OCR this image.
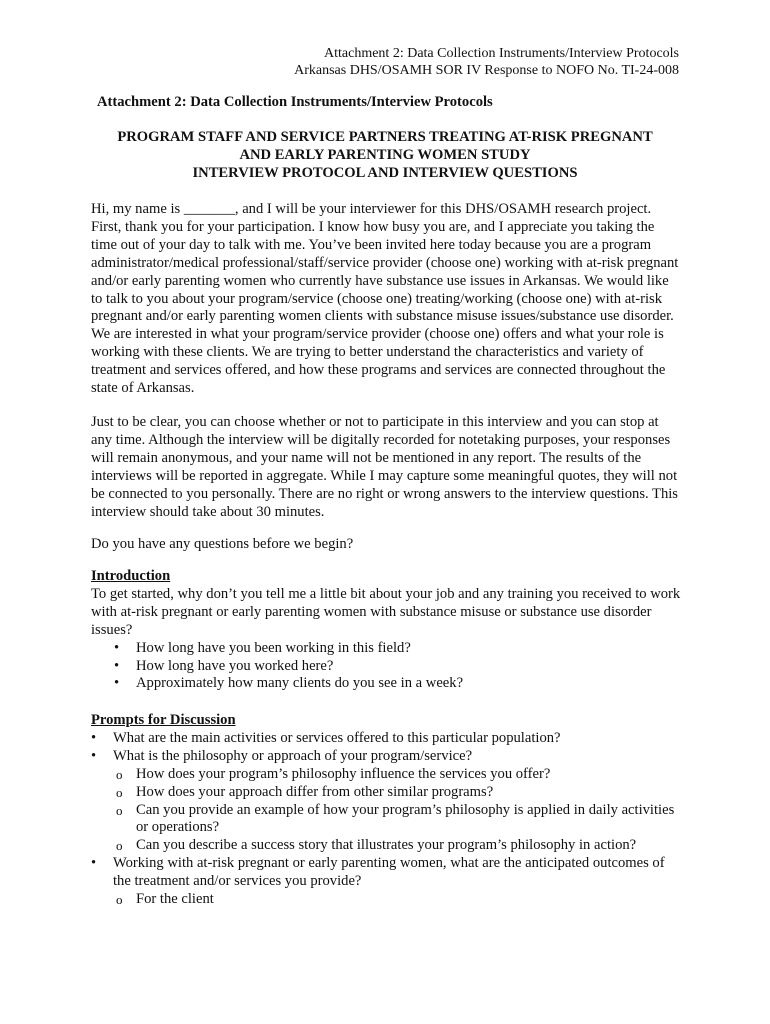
Attachment 2: Data Collection Instruments/Interview Protocols
Arkansas DHS/OSAMH SOR IV Response to NOFO No. TI-24-008
Attachment 2: Data Collection Instruments/Interview Protocols
PROGRAM STAFF AND SERVICE PARTNERS TREATING AT-RISK PREGNANT
AND EARLY PARENTING WOMEN STUDY
INTERVIEW PROTOCOL AND INTERVIEW QUESTIONS

Hi, my name is _______, and I will be your interviewer for this DHS/OSAMH research project. First, thank you for your participation. I know how busy you are, and I appreciate you taking the time out of your day to talk with me. You’ve been invited here today because you are a program administrator/medical professional/staff/service provider (choose one) working with at-risk pregnant and/or early parenting women who currently have substance use issues in Arkansas. We would like to talk to you about your program/service (choose one) treating/working (choose one) with at-risk pregnant and/or early parenting women clients with substance misuse issues/substance use disorder. We are interested in what your program/service provider (choose one) offers and what your role is working with these clients. We are trying to better understand the characteristics and variety of treatment and services offered, and how these programs and services are connected throughout the state of Arkansas.

Just to be clear, you can choose whether or not to participate in this interview and you can stop at any time. Although the interview will be digitally recorded for notetaking purposes, your responses will remain anonymous, and your name will not be mentioned in any report. The results of the interviews will be reported in aggregate. While I may capture some meaningful quotes, they will not be connected to you personally. There are no right or wrong answers to the interview questions. This interview should take about 30 minutes.

Do you have any questions before we begin?

Introduction

To get started, why don’t you tell me a little bit about your job and any training you received to work with at-risk pregnant or early parenting women with substance misuse or substance use disorder issues?

• How long have you been working in this field?
• How long have you worked here?
• Approximately how many clients do you see in a week?
Prompts for Discussion
• What are the main activities or services offered to this particular population?
• What is the philosophy or approach of your program/service?
o How does your program’s philosophy influence the services you offer?
o How does your approach differ from other similar programs?
o Can you provide an example of how your program’s philosophy is applied in daily activities or operations?
o Can you describe a success story that illustrates your program’s philosophy in action?
• Working with at-risk pregnant or early parenting women, what are the anticipated outcomes of the treatment and/or services you provide?
o For the client
